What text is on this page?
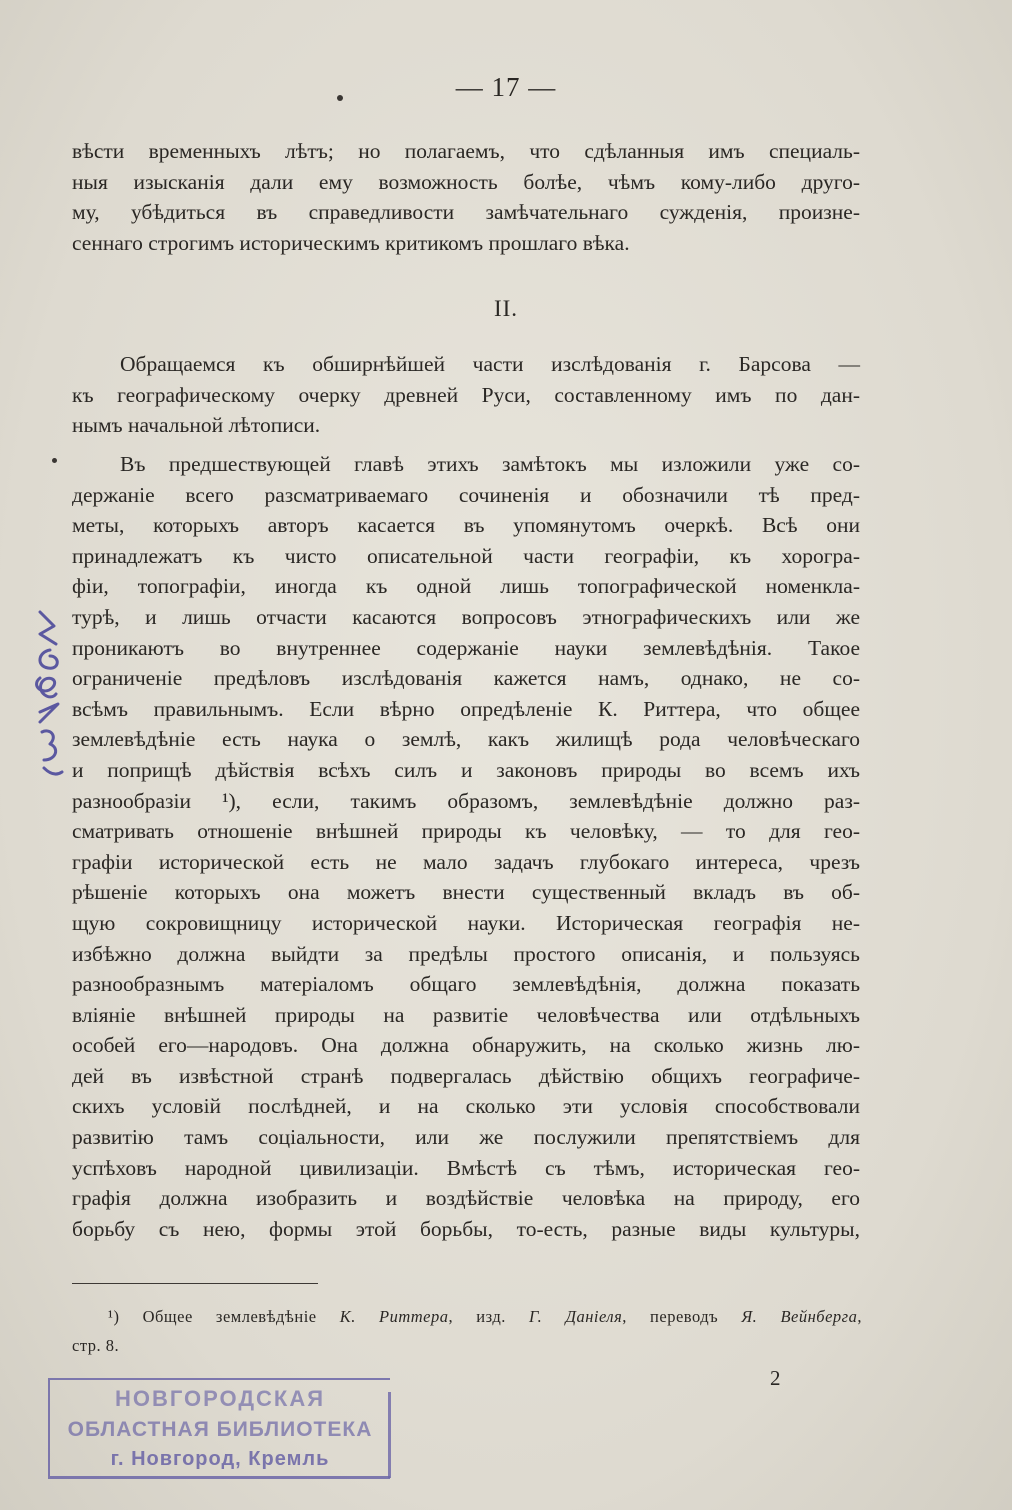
— 17 —

вѣсти временныхъ лѣтъ; но полагаемъ, что сдѣланныя имъ специаль-

ныя изысканія дали ему возможность болѣе, чѣмъ кому-либо друго-

му, убѣдиться въ справедливости замѣчательнаго сужденія, произне-

сеннаго строгимъ историческимъ критикомъ прошлаго вѣка.

II.

Обращаемся къ обширнѣйшей части изслѣдованія г. Барсова —

къ географическому очерку древней Руси, составленному имъ по дан-

нымъ начальной лѣтописи.

Въ предшествующей главѣ этихъ замѣтокъ мы изложили уже со-

держаніе всего разсматриваемаго сочиненія и обозначили тѣ пред-

меты, которыхъ авторъ касается въ упомянутомъ очеркѣ. Всѣ они

принадлежатъ къ чисто описательной части географіи, къ хорогра-

фіи, топографіи, иногда къ одной лишь топографической номенкла-

турѣ, и лишь отчасти касаются вопросовъ этнографическихъ или же

проникаютъ во внутреннее содержаніе науки землевѣдѣнія. Такое

ограниченіе предѣловъ изслѣдованія кажется намъ, однако, не со-

всѣмъ правильнымъ. Если вѣрно опредѣленіе К. Риттера, что общее

землевѣдѣніе есть наука о землѣ, какъ жилищѣ рода человѣческаго

и поприщѣ дѣйствія всѣхъ силъ и законовъ природы во всемъ ихъ

разнообразіи ¹), если, такимъ образомъ, землевѣдѣніе должно раз-

сматривать отношеніе внѣшней природы къ человѣку, — то для гео-

графіи исторической есть не мало задачъ глубокаго интереса, чрезъ

рѣшеніе которыхъ она можетъ внести существенный вкладъ въ об-

щую сокровищницу исторической науки. Историческая географія не-

избѣжно должна выйдти за предѣлы простого описанія, и пользуясь

разнообразнымъ матеріаломъ общаго землевѣдѣнія, должна показать

вліяніе внѣшней природы на развитіе человѣчества или отдѣльныхъ

особей его—народовъ. Она должна обнаружить, на сколько жизнь лю-

дей въ извѣстной странѣ подвергалась дѣйствію общихъ географиче-

скихъ условій послѣдней, и на сколько эти условія способствовали

развитію тамъ соціальности, или же послужили препятствіемъ для

успѣховъ народной цивилизаціи. Вмѣстѣ съ тѣмъ, историческая гео-

графія должна изобразить и воздѣйствіе человѣка на природу, его

борьбу съ нею, формы этой борьбы, то-есть, разные виды культуры,

¹) Общее землевѣдѣніе К. Риттера, изд. Г. Даніеля, переводъ Я. Вейнберга,

стр. 8.

2
НОВГОРОДСКАЯ
ОБЛАСТНАЯ БИБЛИОТЕКА
г. Новгород, Кремль
